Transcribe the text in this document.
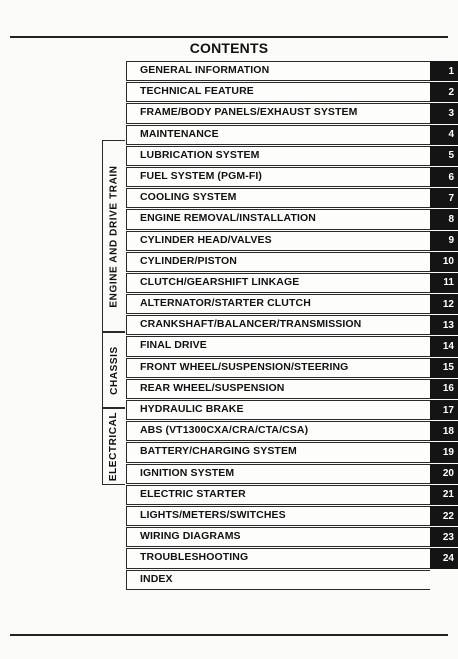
CONTENTS
GENERAL INFORMATION	1
TECHNICAL FEATURE	2
FRAME/BODY PANELS/EXHAUST SYSTEM	3
MAINTENANCE	4
LUBRICATION SYSTEM	5
FUEL SYSTEM (PGM-FI)	6
COOLING SYSTEM	7
ENGINE REMOVAL/INSTALLATION	8
CYLINDER HEAD/VALVES	9
CYLINDER/PISTON	10
CLUTCH/GEARSHIFT LINKAGE	11
ALTERNATOR/STARTER CLUTCH	12
CRANKSHAFT/BALANCER/TRANSMISSION	13
FINAL DRIVE	14
FRONT WHEEL/SUSPENSION/STEERING	15
REAR WHEEL/SUSPENSION	16
HYDRAULIC BRAKE	17
ABS (VT1300CXA/CRA/CTA/CSA)	18
BATTERY/CHARGING SYSTEM	19
IGNITION SYSTEM	20
ELECTRIC STARTER	21
LIGHTS/METERS/SWITCHES	22
WIRING DIAGRAMS	23
TROUBLESHOOTING	24
INDEX
ENGINE AND DRIVE TRAIN
CHASSIS
ELECTRICAL
